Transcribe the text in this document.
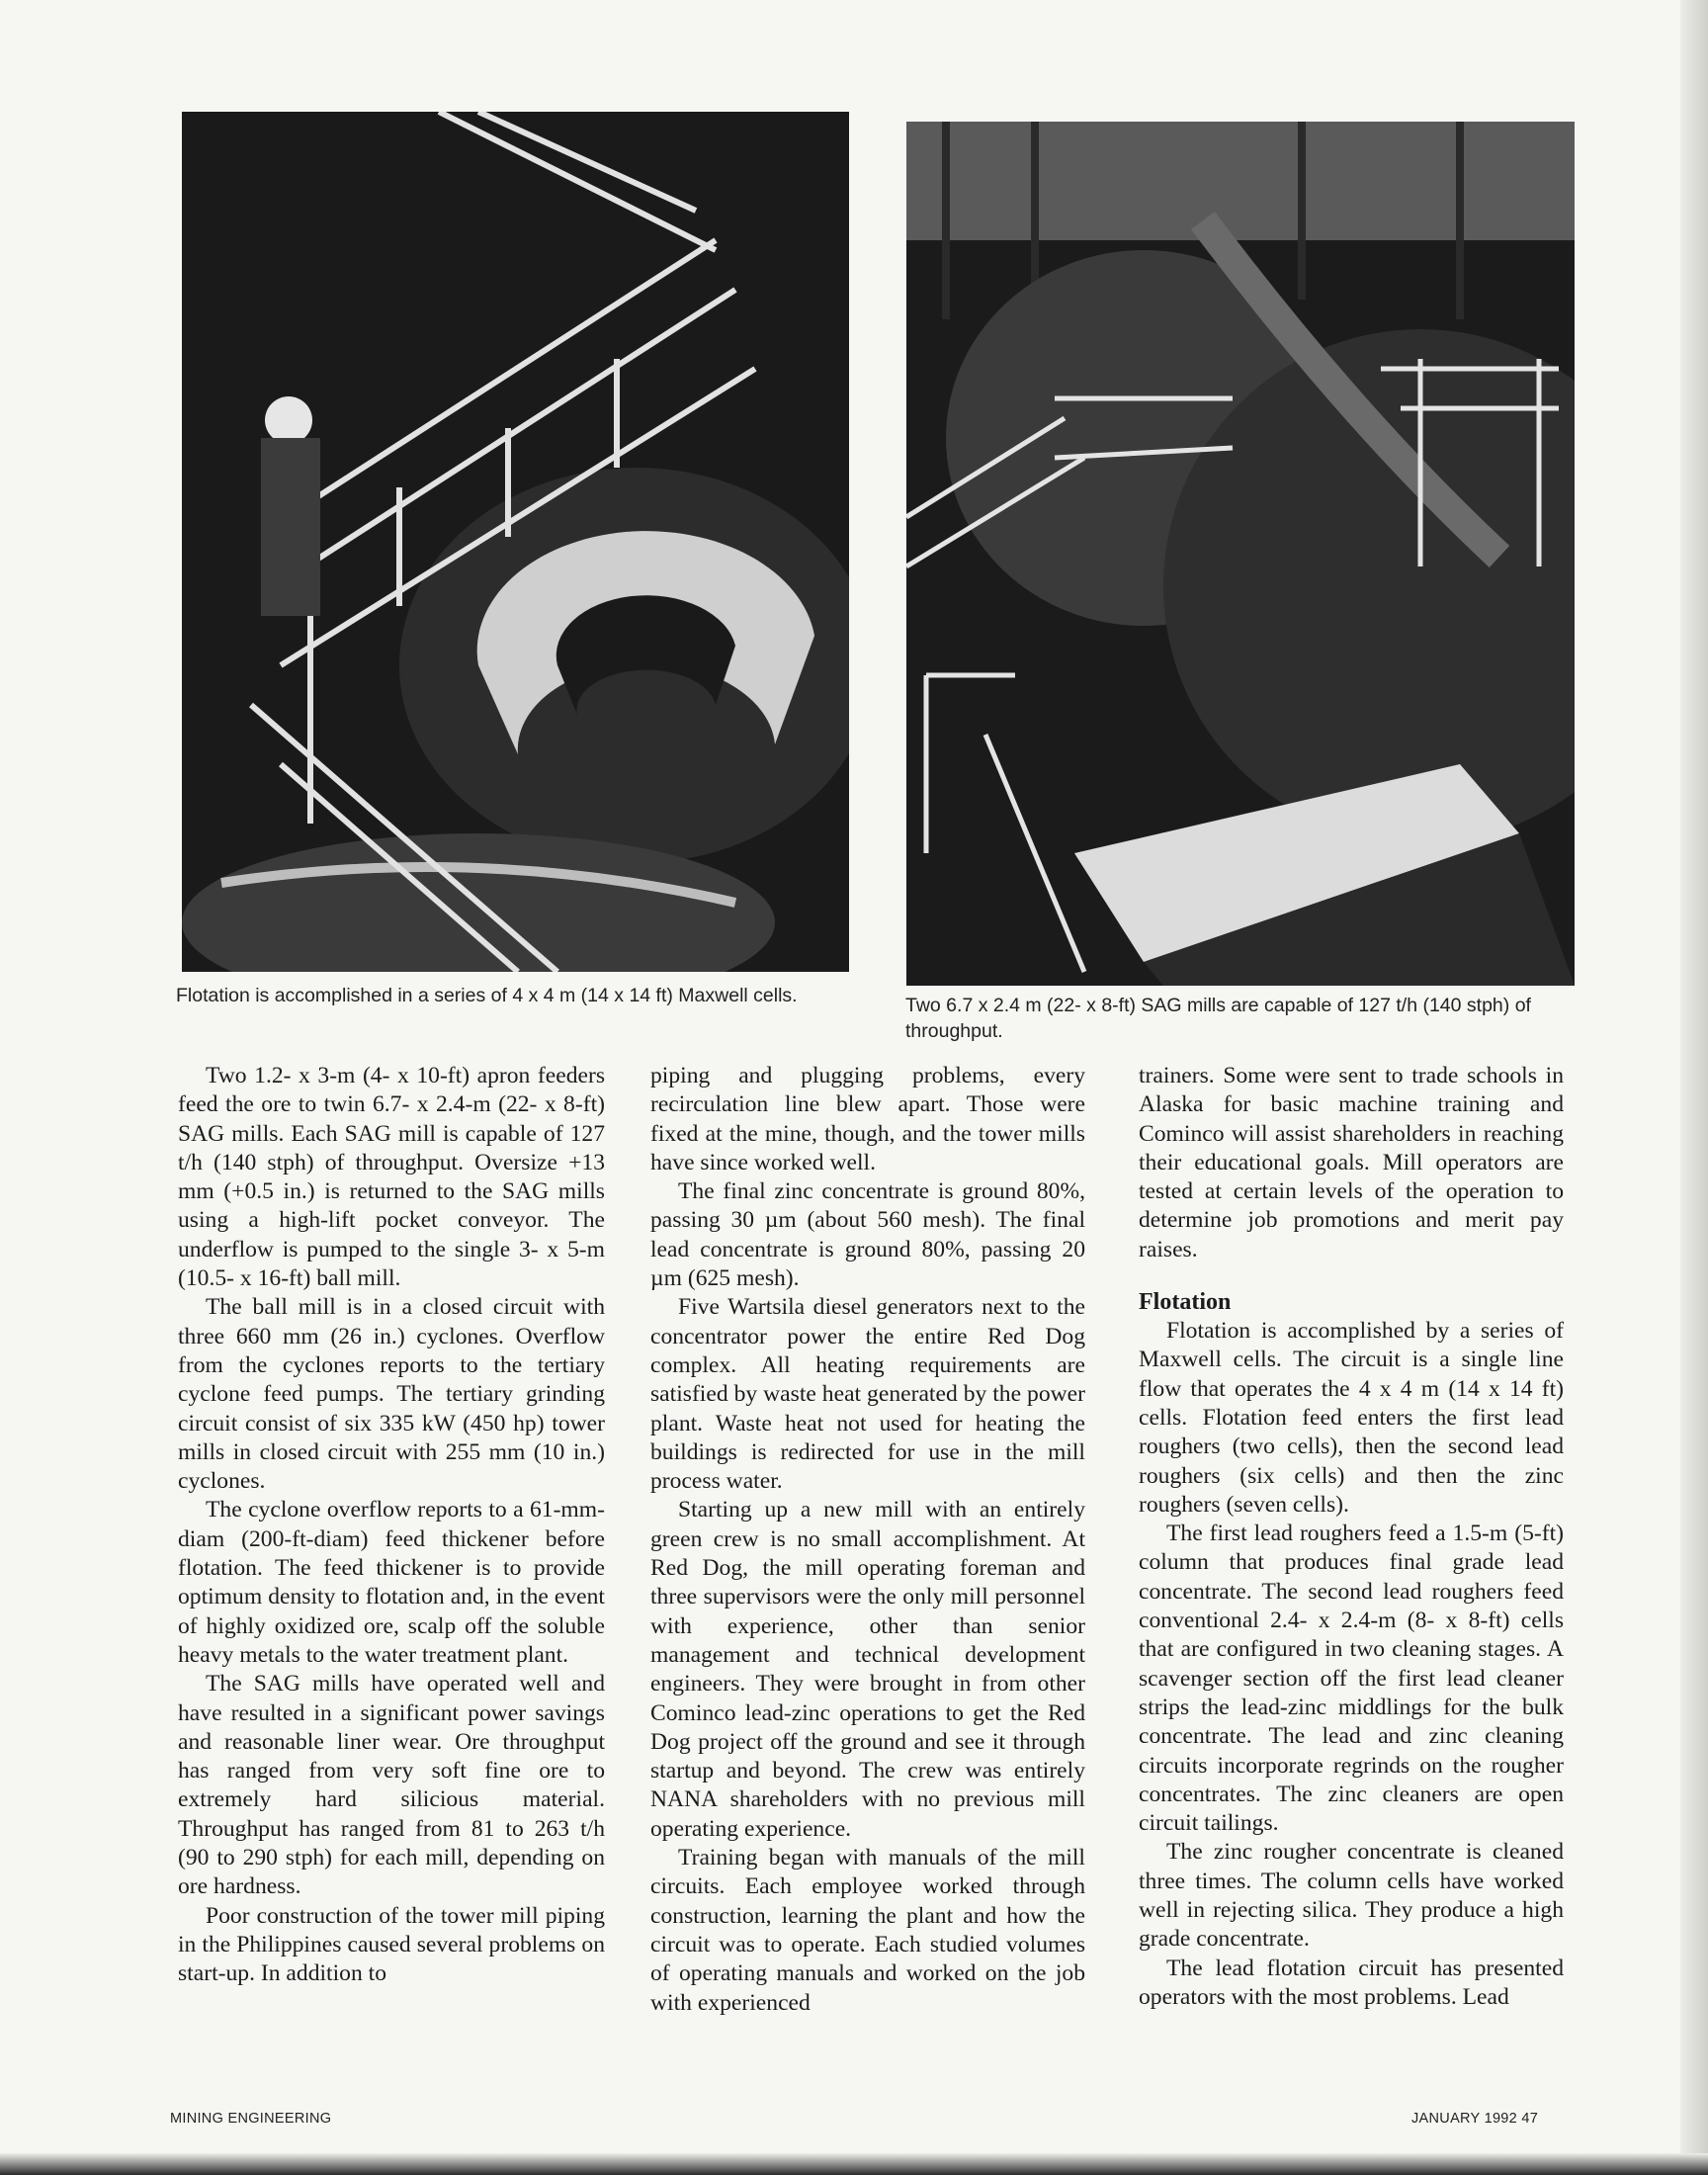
Flotation is accomplished in a series of 4 x 4 m (14 x 14 ft) Maxwell cells.	Two 6.7 x 2.4 m (22- x 8-ft) SAG mills are capable of 127 t/h (140 stph) of throughput.

Two 1.2- x 3-m (4- x 10-ft) apron feeders feed the ore to twin 6.7- x 2.4-m (22- x 8-ft) SAG mills. Each SAG mill is capable of 127 t/h (140 stph) of throughput. Oversize +13 mm (+0.5 in.) is returned to the SAG mills using a high-lift pocket conveyor. The underflow is pumped to the single 3- x 5-m (10.5- x 16-ft) ball mill.

The ball mill is in a closed circuit with three 660 mm (26 in.) cyclones. Overflow from the cyclones reports to the tertiary cyclone feed pumps. The tertiary grinding circuit consist of six 335 kW (450 hp) tower mills in closed circuit with 255 mm (10 in.) cyclones.

The cyclone overflow reports to a 61-mm-diam (200-ft-diam) feed thickener before flotation. The feed thickener is to provide optimum density to flotation and, in the event of highly oxidized ore, scalp off the soluble heavy metals to the water treatment plant.

The SAG mills have operated well and have resulted in a significant power savings and reasonable liner wear. Ore throughput has ranged from very soft fine ore to extremely hard silicious material. Throughput has ranged from 81 to 263 t/h (90 to 290 stph) for each mill, depending on ore hardness.

Poor construction of the tower mill piping in the Philippines caused several problems on start-up. In addition to

piping and plugging problems, every recirculation line blew apart. Those were fixed at the mine, though, and the tower mills have since worked well.

The final zinc concentrate is ground 80%, passing 30 µm (about 560 mesh). The final lead concentrate is ground 80%, passing 20 µm (625 mesh).

Five Wartsila diesel generators next to the concentrator power the entire Red Dog complex. All heating requirements are satisfied by waste heat generated by the power plant. Waste heat not used for heating the buildings is redirected for use in the mill process water.

Starting up a new mill with an entirely green crew is no small accomplishment. At Red Dog, the mill operating foreman and three supervisors were the only mill personnel with experience, other than senior management and technical development engineers. They were brought in from other Cominco lead-zinc operations to get the Red Dog project off the ground and see it through startup and beyond. The crew was entirely NANA shareholders with no previous mill operating experience.

Training began with manuals of the mill circuits. Each employee worked through construction, learning the plant and how the circuit was to operate. Each studied volumes of operating manuals and worked on the job with experienced

trainers. Some were sent to trade schools in Alaska for basic machine training and Cominco will assist shareholders in reaching their educational goals. Mill operators are tested at certain levels of the operation to determine job promotions and merit pay raises.

Flotation

Flotation is accomplished by a series of Maxwell cells. The circuit is a single line flow that operates the 4 x 4 m (14 x 14 ft) cells. Flotation feed enters the first lead roughers (two cells), then the second lead roughers (six cells) and then the zinc roughers (seven cells).

The first lead roughers feed a 1.5-m (5-ft) column that produces final grade lead concentrate. The second lead roughers feed conventional 2.4- x 2.4-m (8- x 8-ft) cells that are configured in two cleaning stages. A scavenger section off the first lead cleaner strips the lead-zinc middlings for the bulk concentrate. The lead and zinc cleaning circuits incorporate regrinds on the rougher concentrates. The zinc cleaners are open circuit tailings.

The zinc rougher concentrate is cleaned three times. The column cells have worked well in rejecting silica. They produce a high grade concentrate.

The lead flotation circuit has presented operators with the most problems. Lead

MINING ENGINEERING	JANUARY 1992 47
